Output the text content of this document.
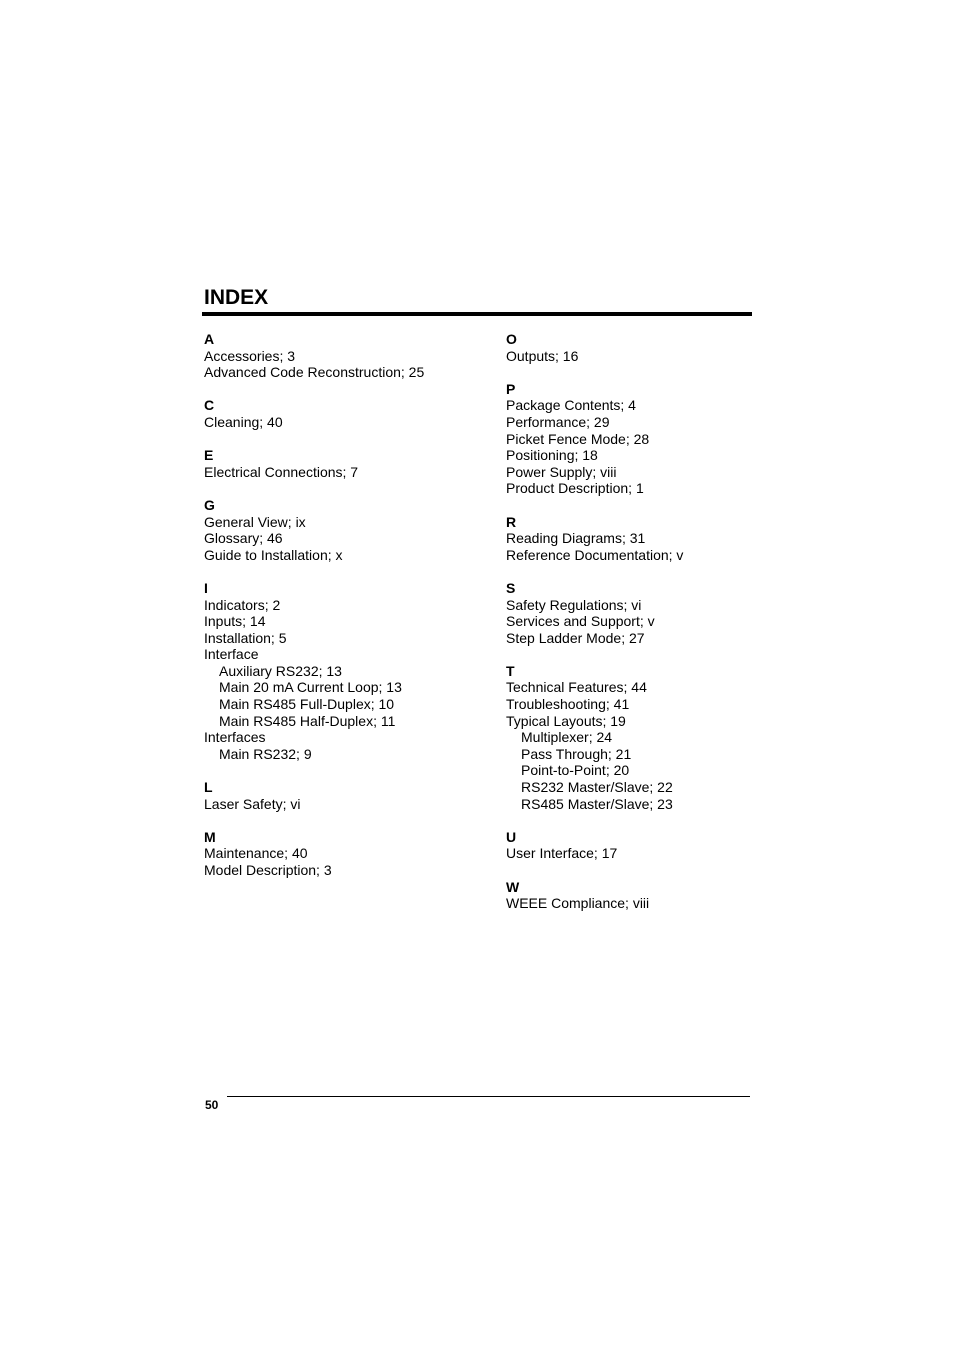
INDEX
A
Accessories; 3
Advanced Code Reconstruction; 25
C
Cleaning; 40
E
Electrical Connections; 7
G
General View; ix
Glossary; 46
Guide to Installation; x
I
Indicators; 2
Inputs; 14
Installation; 5
Interface
Auxiliary RS232; 13
Main 20 mA Current Loop; 13
Main RS485 Full-Duplex; 10
Main RS485 Half-Duplex; 11
Interfaces
Main RS232; 9
L
Laser Safety; vi
M
Maintenance; 40
Model Description; 3
O
Outputs; 16
P
Package Contents; 4
Performance; 29
Picket Fence Mode; 28
Positioning; 18
Power Supply; viii
Product Description; 1
R
Reading Diagrams; 31
Reference Documentation; v
S
Safety Regulations; vi
Services and Support; v
Step Ladder Mode; 27
T
Technical Features; 44
Troubleshooting; 41
Typical Layouts; 19
Multiplexer; 24
Pass Through; 21
Point-to-Point; 20
RS232 Master/Slave; 22
RS485 Master/Slave; 23
U
User Interface; 17
W
WEEE Compliance; viii
50
